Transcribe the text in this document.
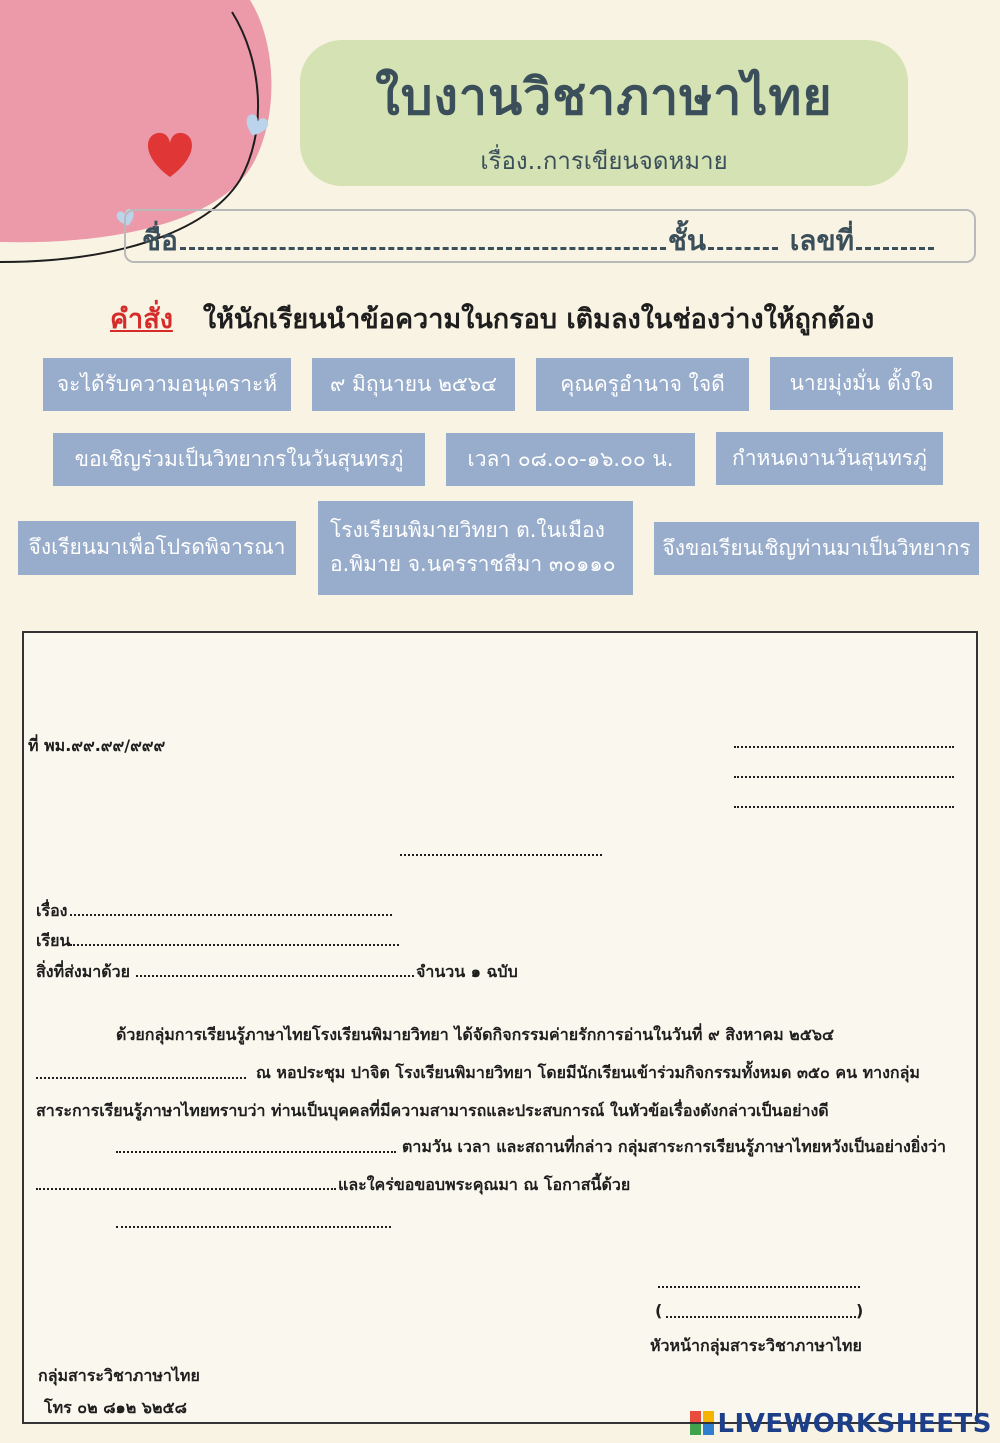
ใบงานวิชาภาษาไทย
เรื่อง..การเขียนจดหมาย
ชื่อ	ชั้น	เลขที่
คำสั่ง ให้นักเรียนนำข้อความในกรอบ เติมลงในช่องว่างให้ถูกต้อง
จะได้รับความอนุเคราะห์	๙ มิถุนายน ๒๕๖๔	คุณครูอำนาจ ใจดี	นายมุ่งมั่น ตั้งใจ
ขอเชิญร่วมเป็นวิทยากรในวันสุนทรภู่	เวลา ๐๘.๐๐-๑๖.๐๐ น.	กำหนดงานวันสุนทรภู่
จึงเรียนมาเพื่อโปรดพิจารณา
โรงเรียนพิมายวิทยา ต.ในเมือง
อ.พิมาย จ.นครราชสีมา ๓๐๑๑๐
จึงขอเรียนเชิญท่านมาเป็นวิทยากร
ที่ พม.๙๙.๙๙/๙๙๙
เรื่อง
เรียน
สิ่งที่ส่งมาด้วย	จำนวน ๑ ฉบับ
ด้วยกลุ่มการเรียนรู้ภาษาไทยโรงเรียนพิมายวิทยา ได้จัดกิจกรรมค่ายรักการอ่านในวันที่ ๙ สิงหาคม ๒๕๖๔
ณ หอประชุม ปาจิต โรงเรียนพิมายวิทยา โดยมีนักเรียนเข้าร่วมกิจกรรมทั้งหมด ๓๕๐ คน ทางกลุ่ม
สาระการเรียนรู้ภาษาไทยทราบว่า ท่านเป็นบุคคลที่มีความสามารถและประสบการณ์ ในหัวข้อเรื่องดังกล่าวเป็นอย่างดี
ตามวัน เวลา และสถานที่กล่าว กลุ่มสาระการเรียนรู้ภาษาไทยหวังเป็นอย่างยิ่งว่า
และใคร่ขอขอบพระคุณมา ณ โอกาสนี้ด้วย
(	)
หัวหน้ากลุ่มสาระวิชาภาษาไทย
กลุ่มสาระวิชาภาษาไทย
โทร ๐๒ ๘๑๒ ๖๒๕๘
LIVEWORKSHEETS
